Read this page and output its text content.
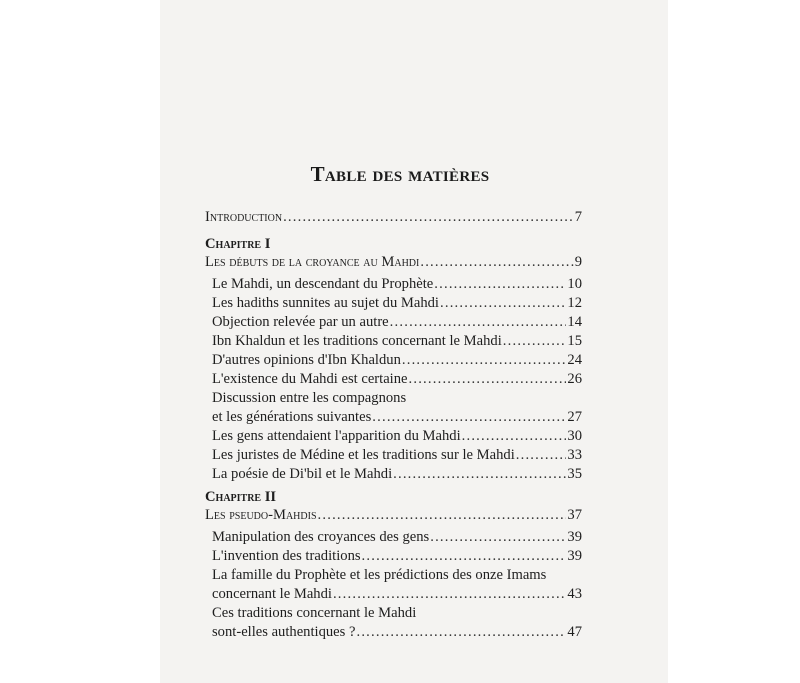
Table des matières
Introduction .....	7
Chapitre I
Les débuts de la croyance au Mahdi .....	9
Le Mahdi, un descendant du Prophète .....	10
Les hadiths sunnites au sujet du Mahdi .....	12
Objection relevée par un autre .....	14
Ibn Khaldun et les traditions concernant le Mahdi .....	15
D'autres opinions d'Ibn Khaldun .....	24
L'existence du Mahdi est certaine .....	26
Discussion entre les compagnons
et les générations suivantes .....	27
Les gens attendaient l'apparition du Mahdi .....	30
Les juristes de Médine et les traditions sur le Mahdi .....	33
La poésie de Di'bil et le Mahdi .....	35
Chapitre II
Les pseudo-Mahdis .....	37
Manipulation des croyances des gens .....	39
L'invention des traditions .....	39
La famille du Prophète et les prédictions des onze Imams
concernant le Mahdi .....	43
Ces traditions concernant le Mahdi
sont-elles authentiques ? .....	47
